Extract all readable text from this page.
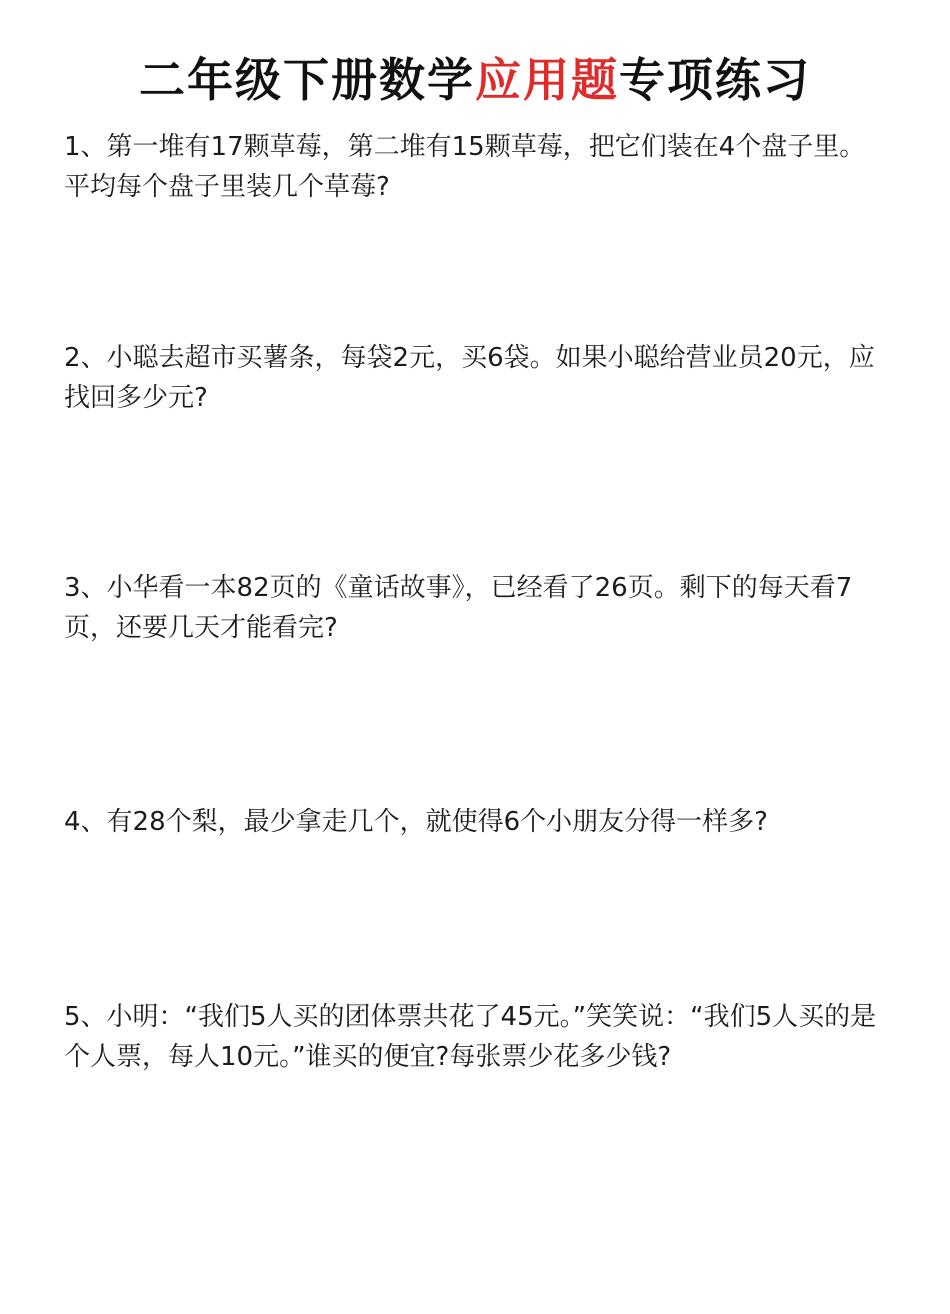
二年级下册数学应用题专项练习
1、第一堆有17颗草莓，第二堆有15颗草莓，把它们装在4个盘子里。平均每个盘子里装几个草莓?
2、小聪去超市买薯条，每袋2元，买6袋。如果小聪给营业员20元，应找回多少元?
3、小华看一本82页的《童话故事》，已经看了26页。剩下的每天看7页，还要几天才能看完?
4、有28个梨，最少拿走几个，就使得6个小朋友分得一样多?
5、小明：“我们5人买的团体票共花了45元。”笑笑说：“我们5人买的是个人票，每人10元。”谁买的便宜?每张票少花多少钱?
